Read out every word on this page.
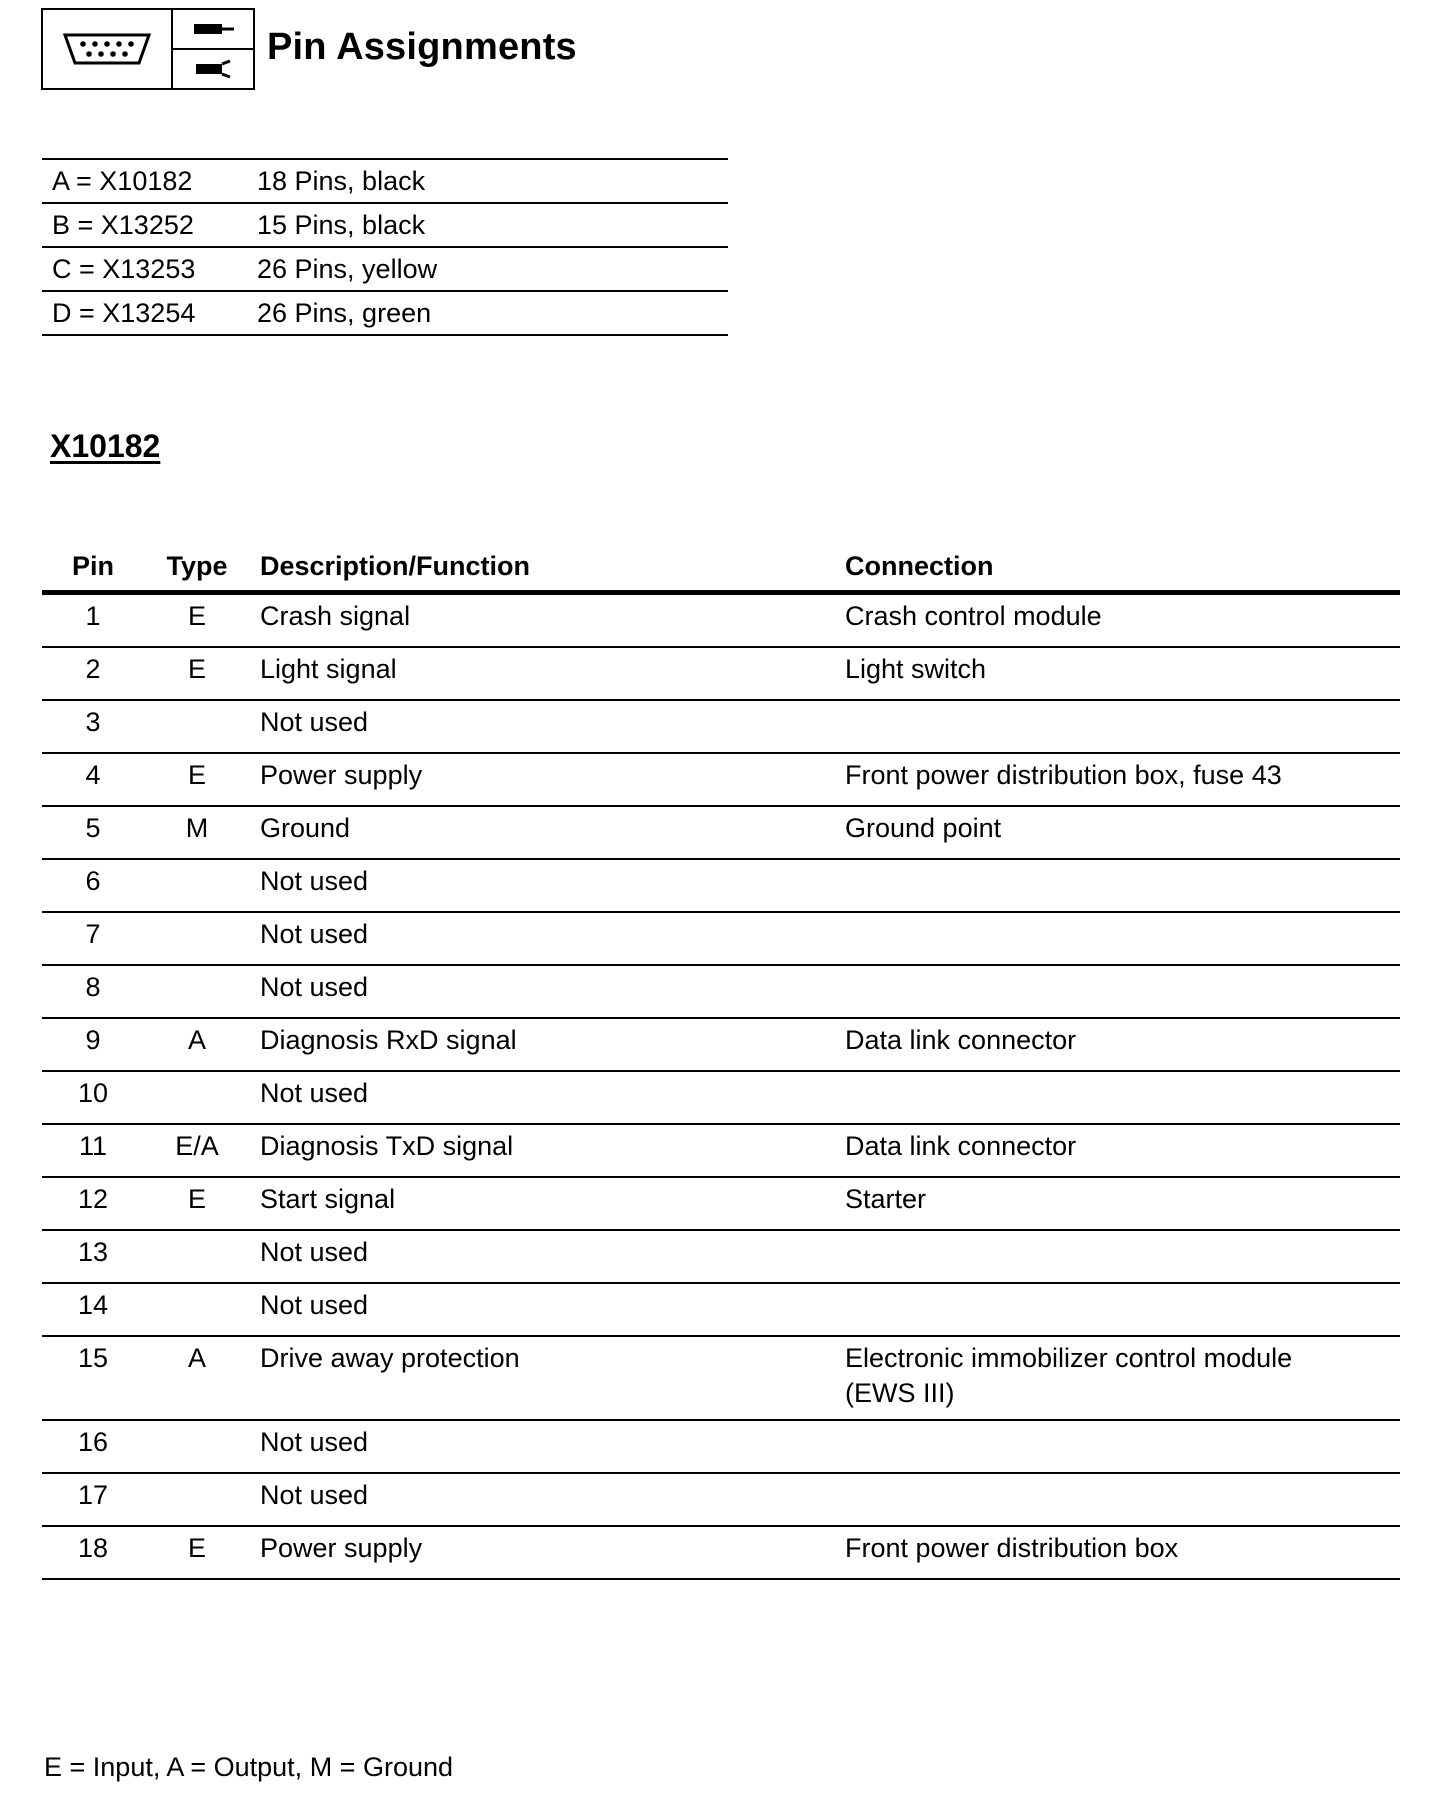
Pin Assignments
A = X10182	18 Pins, black
B = X13252	15 Pins, black
C = X13253	26 Pins, yellow
D = X13254	26 Pins, green
X10182
Pin	Type	Description/Function	Connection
1	E	Crash signal	Crash control module
2	E	Light signal	Light switch
3		Not used	
4	E	Power supply	Front power distribution box, fuse 43
5	M	Ground	Ground point
6		Not used	
7		Not used	
8		Not used	
9	A	Diagnosis RxD signal	Data link connector
10		Not used	
11	E/A	Diagnosis TxD signal	Data link connector
12	E	Start signal	Starter
13		Not used	
14		Not used	
15	A	Drive away protection	Electronic immobilizer control module
(EWS III)

16		Not used	
17		Not used	
18	E	Power supply	Front power distribution box
E = Input, A = Output, M = Ground
